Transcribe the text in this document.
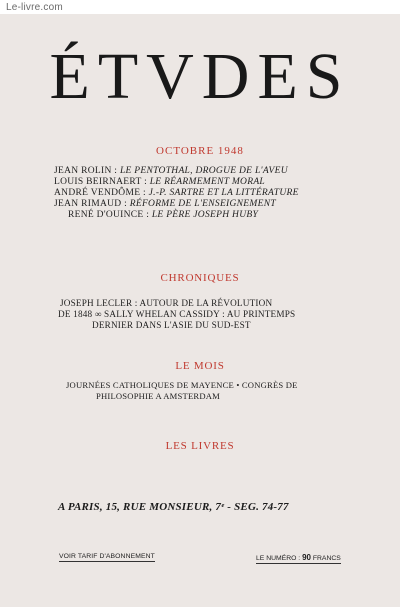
Le-livre.com
ÉTVDES
OCTOBRE 1948
JEAN ROLIN : LE PENTOTHAL, DROGUE DE L'AVEU
LOUIS BEIRNAERT : LE RÉARMEMENT MORAL
ANDRÉ VENDÔME : J.-P. SARTRE ET LA LITTÉRATURE
JEAN RIMAUD : RÉFORME DE L'ENSEIGNEMENT
RENÉ D'OUINCE : LE PÈRE JOSEPH HUBY
CHRONIQUES
JOSEPH LECLER : AUTOUR DE LA RÉVOLUTION
DE 1848 ∞ SALLY WHELAN CASSIDY : AU PRINTEMPS
DERNIER DANS L'ASIE DU SUD-EST
LE MOIS
JOURNÉES CATHOLIQUES DE MAYENCE • CONGRÈS DE
PHILOSOPHIE A AMSTERDAM
LES LIVRES
A PARIS, 15, RUE MONSIEUR, 7ᵉ - SEG. 74-77
VOIR TARIF D'ABONNEMENT	LE NUMÉRO : 90 FRANCS
